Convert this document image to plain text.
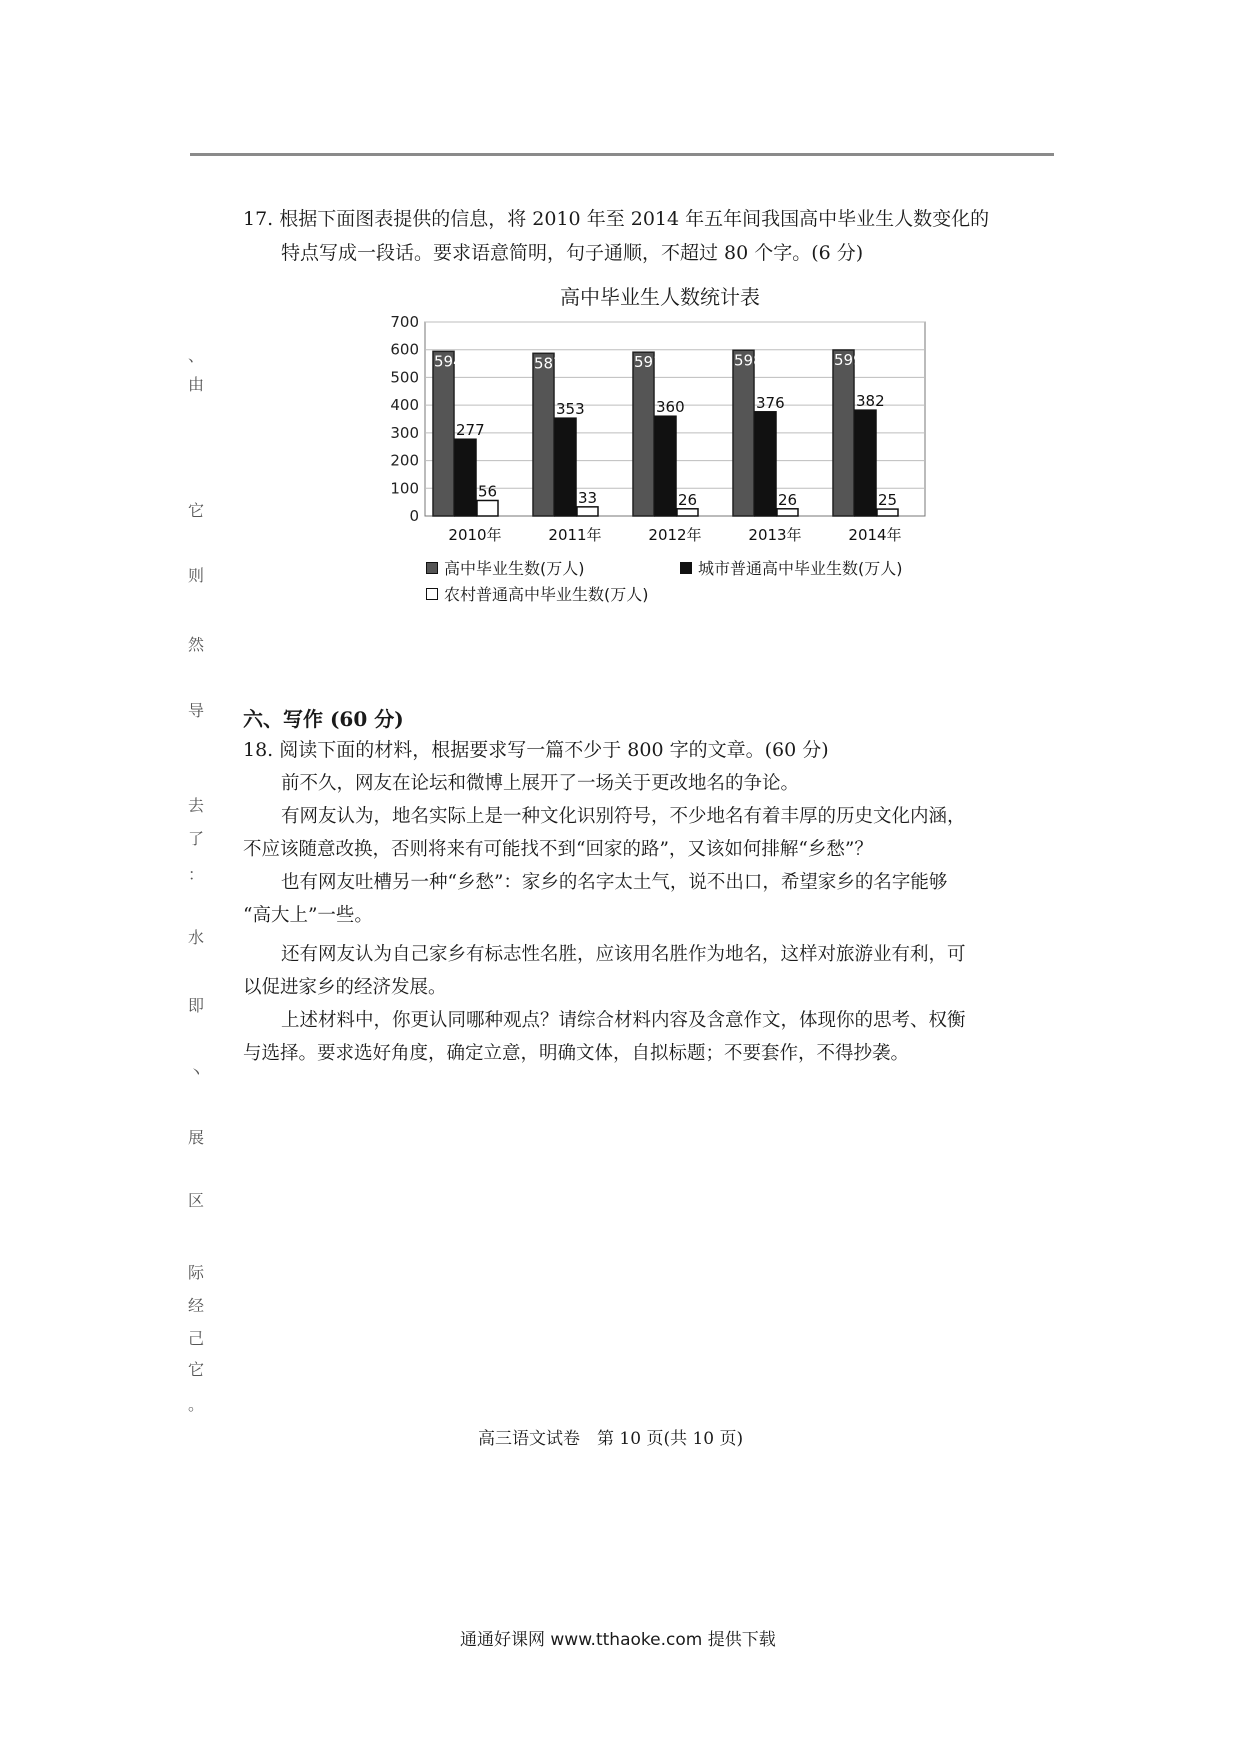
17. 根据下面图表提供的信息，将 2010 年至 2014 年五年间我国高中毕业生人数变化的
特点写成一段话。要求语意简明，句子通顺，不超过 80 个字。(6 分)
高中毕业生人数统计表
0
100
200
300
400
500
600
700
594
277
56
2010年
587
353
33
2011年
591
360
26
2012年
598
376
26
2013年
599
382
25
2014年
高中毕业生数(万人)	城市普通高中毕业生数(万人)
农村普通高中毕业生数(万人)
六、写作 (60 分)
18. 阅读下面的材料，根据要求写一篇不少于 800 字的文章。(60 分)
前不久，网友在论坛和微博上展开了一场关于更改地名的争论。
有网友认为，地名实际上是一种文化识别符号，不少地名有着丰厚的历史文化内涵，
不应该随意改换，否则将来有可能找不到“回家的路”，又该如何排解“乡愁”？
也有网友吐槽另一种“乡愁”：家乡的名字太土气，说不出口，希望家乡的名字能够
“高大上”一些。
还有网友认为自己家乡有标志性名胜，应该用名胜作为地名，这样对旅游业有利，可
以促进家乡的经济发展。
上述材料中，你更认同哪种观点？请综合材料内容及含意作文，体现你的思考、权衡
与选择。要求选好角度，确定立意，明确文体，自拟标题；不要套作，不得抄袭。
、
由
它
则
然
导
去
了
：
水
即
丶
展
区
际
经
己
它
。
高三语文试卷　第 10 页(共 10 页)
通通好课网 www.tthaoke.com 提供下载
